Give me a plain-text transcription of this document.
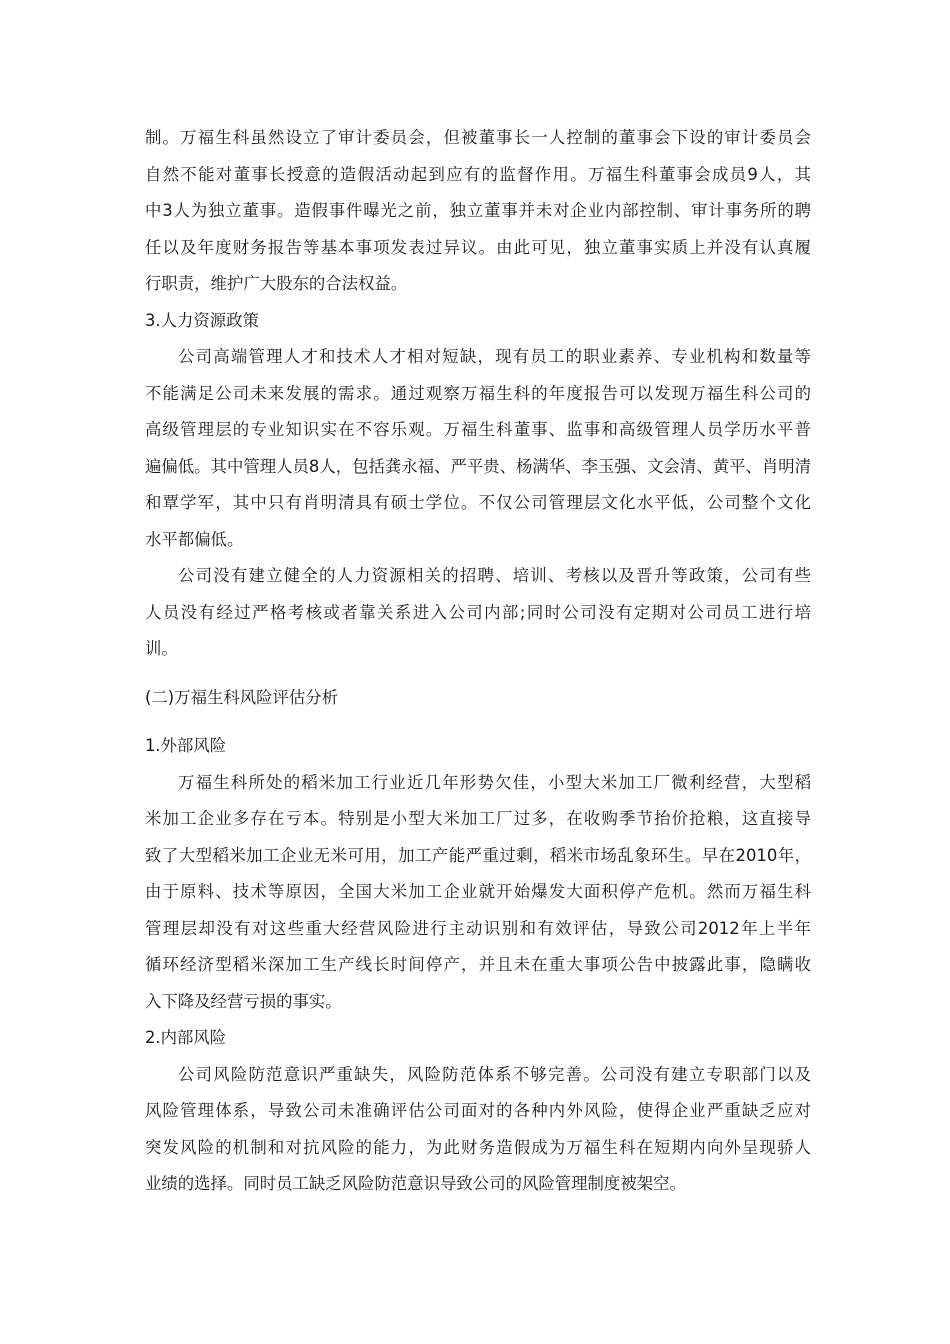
制。万福生科虽然设立了审计委员会，但被董事长一人控制的董事会下设的审计委员会
自然不能对董事长授意的造假活动起到应有的监督作用。万福生科董事会成员9人，其
中3人为独立董事。造假事件曝光之前，独立董事并未对企业内部控制、审计事务所的聘
任以及年度财务报告等基本事项发表过异议。由此可见，独立董事实质上并没有认真履
行职责，维护广大股东的合法权益。
3.人力资源政策
公司高端管理人才和技术人才相对短缺，现有员工的职业素养、专业机构和数量等
不能满足公司未来发展的需求。通过观察万福生科的年度报告可以发现万福生科公司的
高级管理层的专业知识实在不容乐观。万福生科董事、监事和高级管理人员学历水平普
遍偏低。其中管理人员8人，包括龚永福、严平贵、杨满华、李玉强、文会清、黄平、肖明清
和覃学军，其中只有肖明清具有硕士学位。不仅公司管理层文化水平低，公司整个文化
水平都偏低。
公司没有建立健全的人力资源相关的招聘、培训、考核以及晋升等政策，公司有些
人员没有经过严格考核或者靠关系进入公司内部;同时公司没有定期对公司员工进行培
训。
(二)万福生科风险评估分析
1.外部风险
万福生科所处的稻米加工行业近几年形势欠佳，小型大米加工厂微利经营，大型稻
米加工企业多存在亏本。特别是小型大米加工厂过多，在收购季节抬价抢粮，这直接导
致了大型稻米加工企业无米可用，加工产能严重过剩，稻米市场乱象环生。早在2010年，
由于原料、技术等原因，全国大米加工企业就开始爆发大面积停产危机。然而万福生科
管理层却没有对这些重大经营风险进行主动识别和有效评估，导致公司2012年上半年
循环经济型稻米深加工生产线长时间停产，并且未在重大事项公告中披露此事，隐瞒收
入下降及经营亏损的事实。
2.内部风险
公司风险防范意识严重缺失，风险防范体系不够完善。公司没有建立专职部门以及
风险管理体系，导致公司未准确评估公司面对的各种内外风险，使得企业严重缺乏应对
突发风险的机制和对抗风险的能力，为此财务造假成为万福生科在短期内向外呈现骄人
业绩的选择。同时员工缺乏风险防范意识导致公司的风险管理制度被架空。
